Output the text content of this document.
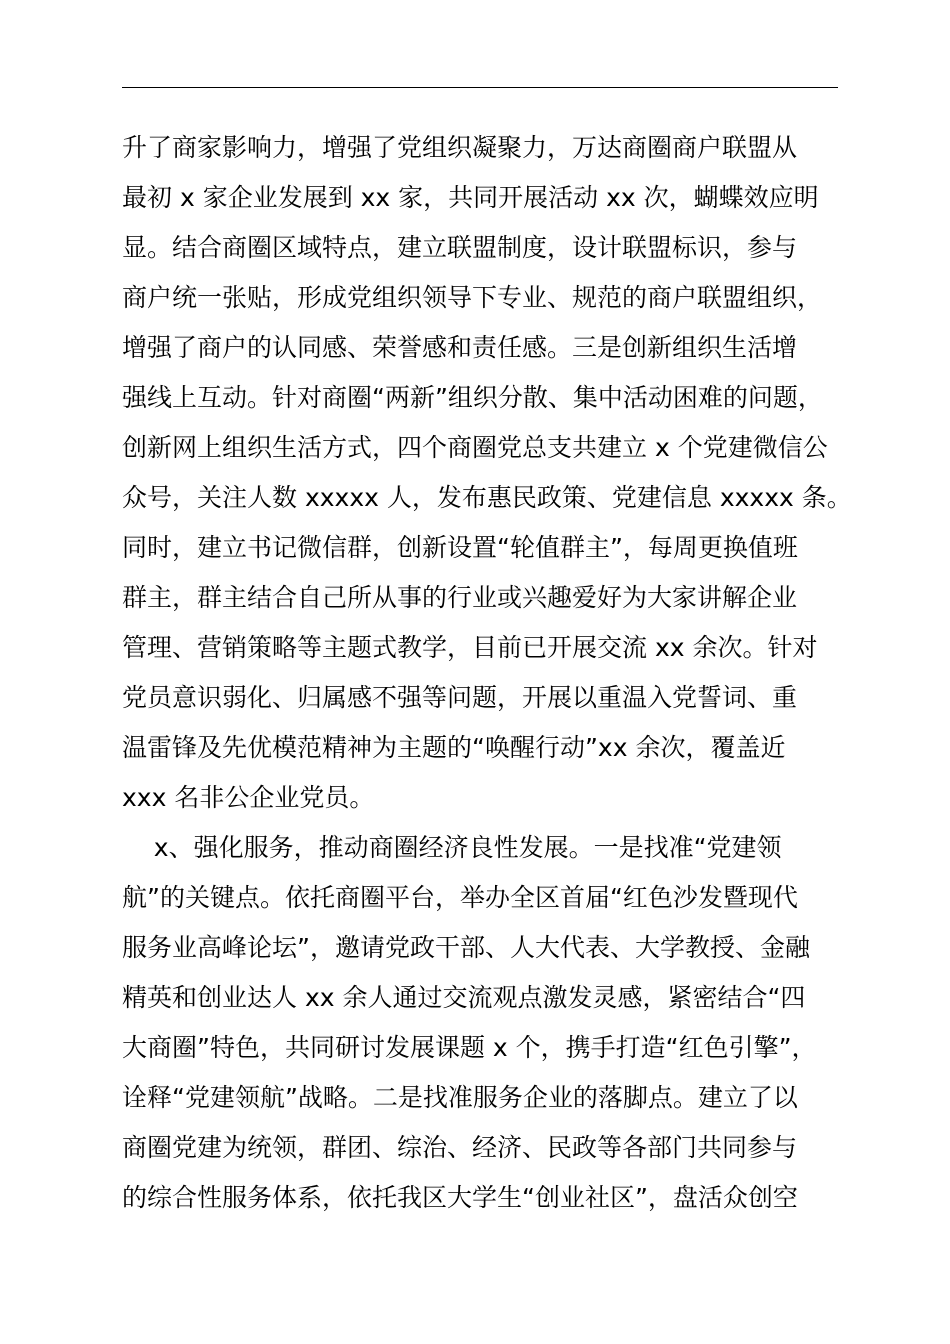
升了商家影响力，增强了党组织凝聚力，万达商圈商户联盟从
最初 x 家企业发展到 xx 家，共同开展活动 xx 次，蝴蝶效应明
显。结合商圈区域特点，建立联盟制度，设计联盟标识，参与
商户统一张贴，形成党组织领导下专业、规范的商户联盟组织，
增强了商户的认同感、荣誉感和责任感。三是创新组织生活增
强线上互动。针对商圈“两新”组织分散、集中活动困难的问题，
创新网上组织生活方式，四个商圈党总支共建立 x 个党建微信公
众号，关注人数 xxxxx 人，发布惠民政策、党建信息 xxxxx 条。
同时，建立书记微信群，创新设置“轮值群主”，每周更换值班
群主，群主结合自己所从事的行业或兴趣爱好为大家讲解企业
管理、营销策略等主题式教学，目前已开展交流 xx 余次。针对
党员意识弱化、归属感不强等问题，开展以重温入党誓词、重
温雷锋及先优模范精神为主题的“唤醒行动”xx 余次，覆盖近
xxx 名非公企业党员。
x、强化服务，推动商圈经济良性发展。一是找准“党建领
航”的关键点。依托商圈平台，举办全区首届“红色沙发暨现代
服务业高峰论坛”，邀请党政干部、人大代表、大学教授、金融
精英和创业达人 xx 余人通过交流观点激发灵感，紧密结合“四
大商圈”特色，共同研讨发展课题 x 个，携手打造“红色引擎”，
诠释“党建领航”战略。二是找准服务企业的落脚点。建立了以
商圈党建为统领，群团、综治、经济、民政等各部门共同参与
的综合性服务体系，依托我区大学生“创业社区”，盘活众创空
